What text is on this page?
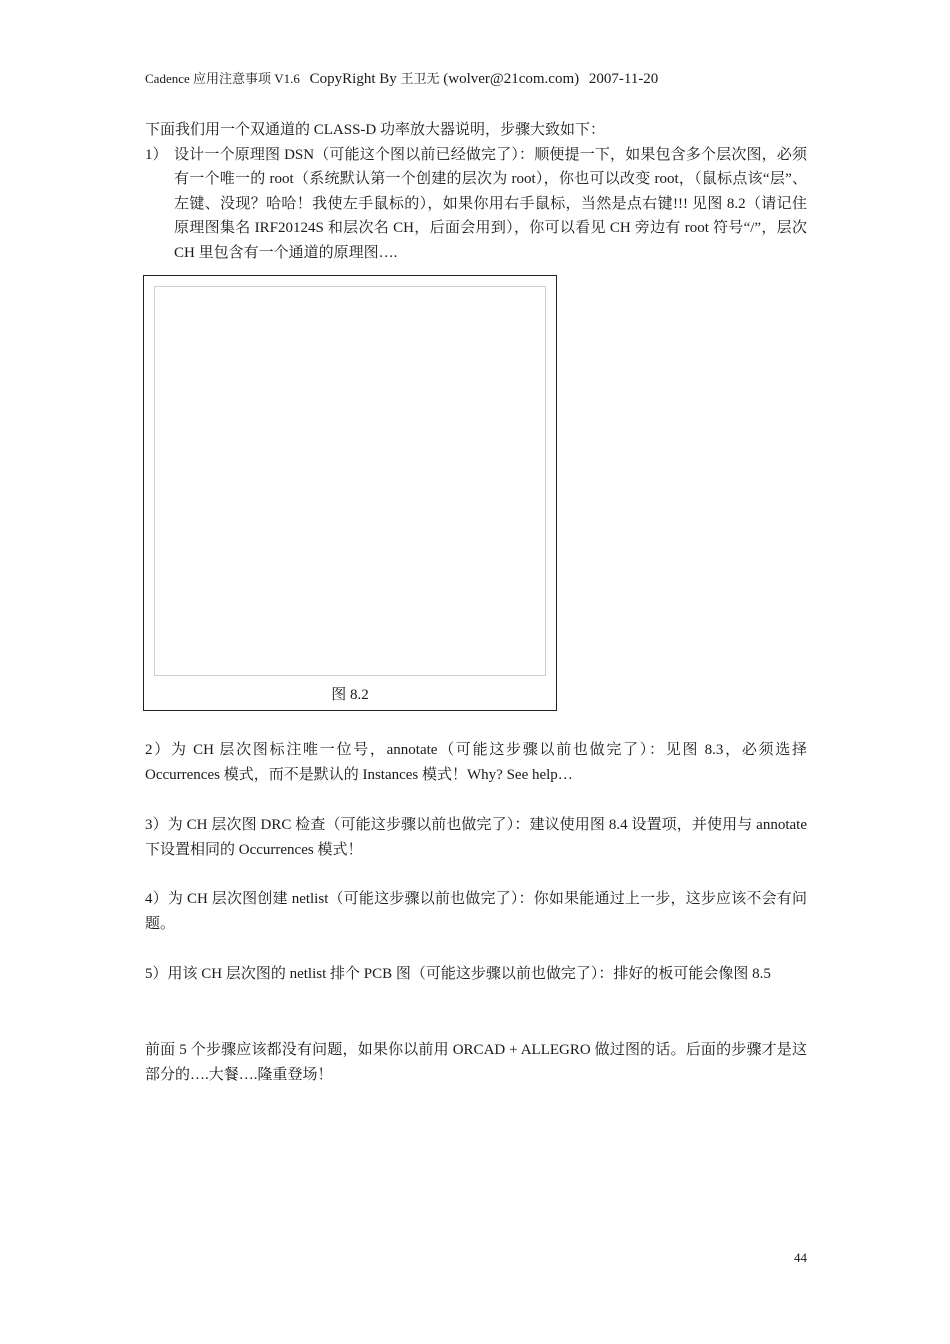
Cadence 应用注意事项 V1.6 CopyRight By 王卫无 (wolver@21com.com) 2007-11-20
下面我们用一个双通道的 CLASS-D 功率放大器说明，步骤大致如下：
1） 设计一个原理图 DSN（可能这个图以前已经做完了）：顺便提一下，如果包含多个层次图，必须有一个唯一的 root（系统默认第一个创建的层次为 root），你也可以改变 root，（鼠标点该“层”、左键、没现？哈哈！我使左手鼠标的），如果你用右手鼠标，当然是点右键!!! 见图 8.2（请记住原理图集名 IRF20124S 和层次名 CH，后面会用到），你可以看见 CH 旁边有 root 符号“/”，层次 CH 里包含有一个通道的原理图….
图 8.2
2）为 CH 层次图标注唯一位号，annotate（可能这步骤以前也做完了）：见图 8.3，必须选择 Occurrences 模式，而不是默认的 Instances 模式！Why? See help…
3）为 CH 层次图 DRC 检查（可能这步骤以前也做完了）：建议使用图 8.4 设置项，并使用与 annotate 下设置相同的 Occurrences 模式！
4）为 CH 层次图创建 netlist（可能这步骤以前也做完了）：你如果能通过上一步，这步应该不会有问题。
5）用该 CH 层次图的 netlist 排个 PCB 图（可能这步骤以前也做完了）：排好的板可能会像图 8.5
前面 5 个步骤应该都没有问题，如果你以前用 ORCAD + ALLEGRO 做过图的话。后面的步骤才是这部分的….大餐….隆重登场！
44
